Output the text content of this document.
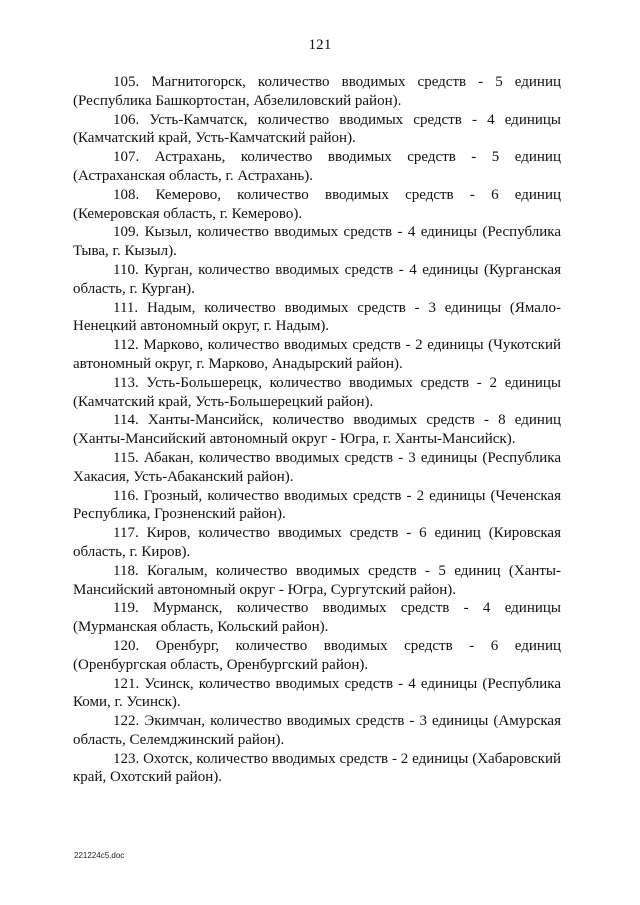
121

105. Магнитогорск, количество вводимых средств - 5 единиц (Республика Башкортостан, Абзелиловский район).

106. Усть-Камчатск, количество вводимых средств - 4 единицы (Камчатский край, Усть-Камчатский район).

107. Астрахань, количество вводимых средств - 5 единиц (Астраханская область, г. Астрахань).

108. Кемерово, количество вводимых средств - 6 единиц (Кемеровская область, г. Кемерово).

109. Кызыл, количество вводимых средств - 4 единицы (Республика Тыва, г. Кызыл).

110. Курган, количество вводимых средств - 4 единицы (Курганская область, г. Курган).

111. Надым, количество вводимых средств - 3 единицы (Ямало-Ненецкий автономный округ, г. Надым).

112. Марково, количество вводимых средств - 2 единицы (Чукотский автономный округ, г. Марково, Анадырский район).

113. Усть-Большерецк, количество вводимых средств - 2 единицы (Камчатский край, Усть-Большерецкий район).

114. Ханты-Мансийск, количество вводимых средств - 8 единиц (Ханты-Мансийский автономный округ - Югра, г. Ханты-Мансийск).

115. Абакан, количество вводимых средств - 3 единицы (Республика Хакасия, Усть-Абаканский район).

116. Грозный, количество вводимых средств - 2 единицы (Чеченская Республика, Грозненский район).

117. Киров, количество вводимых средств - 6 единиц (Кировская область, г. Киров).

118. Когалым, количество вводимых средств - 5 единиц (Ханты-Мансийский автономный округ - Югра, Сургутский район).

119. Мурманск, количество вводимых средств - 4 единицы (Мурманская область, Кольский район).

120. Оренбург, количество вводимых средств - 6 единиц (Оренбургская область, Оренбургский район).

121. Усинск, количество вводимых средств - 4 единицы (Республика Коми, г. Усинск).

122. Экимчан, количество вводимых средств - 3 единицы (Амурская область, Селемджинский район).

123. Охотск, количество вводимых средств - 2 единицы (Хабаровский край, Охотский район).

221224c5.doc
